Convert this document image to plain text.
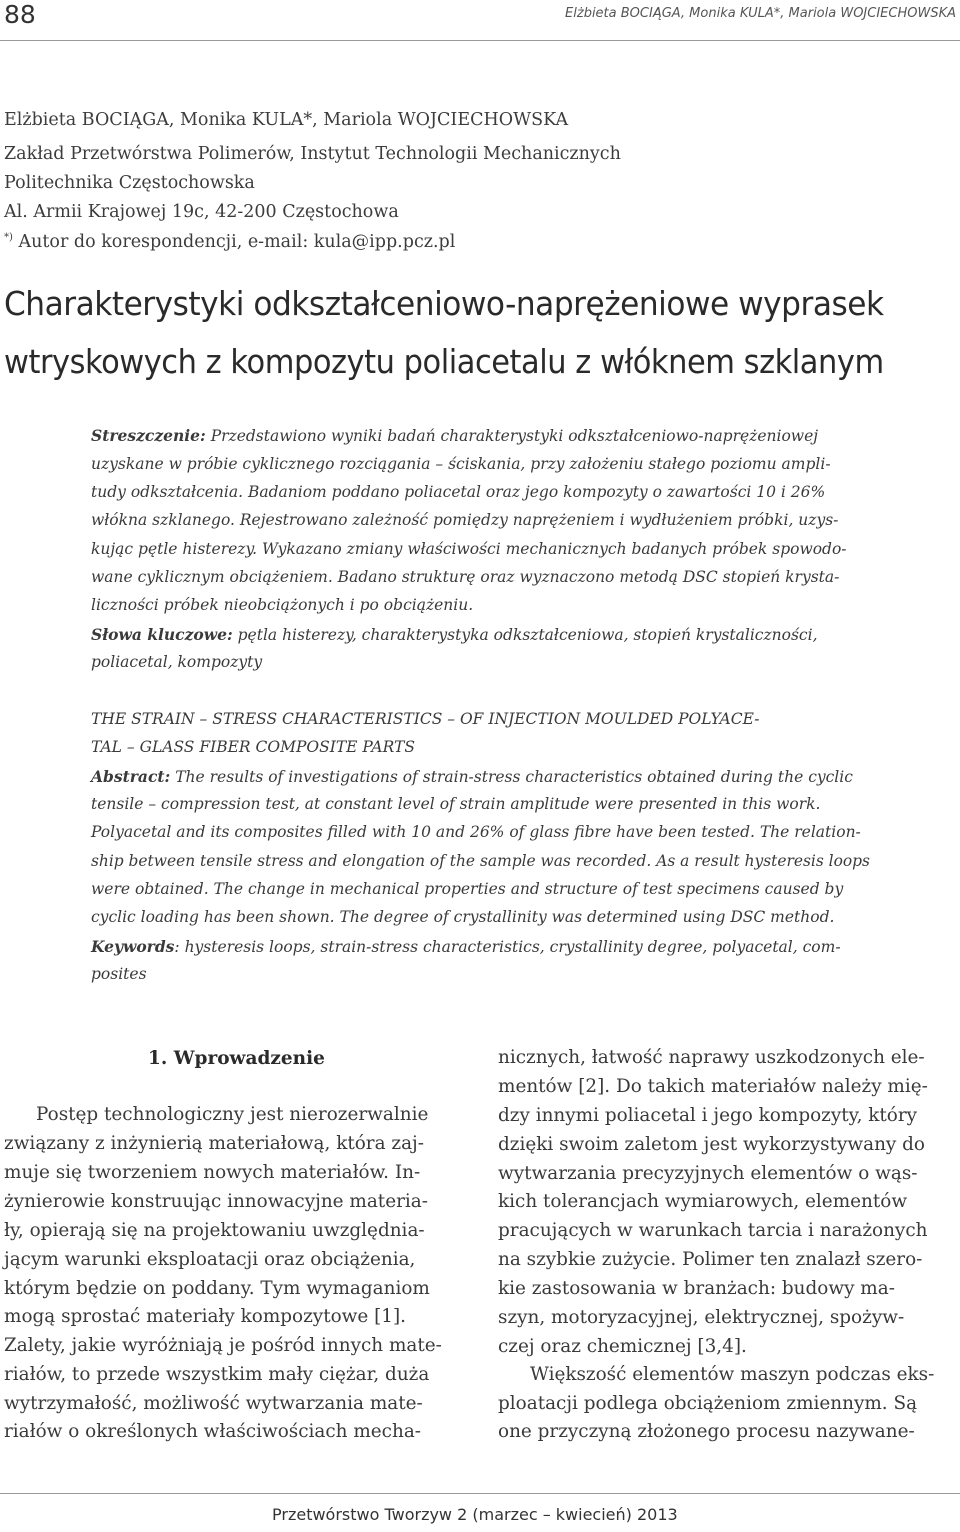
88	Elżbieta BOCIĄGA, Monika KULA*, Mariola WOJCIECHOWSKA
Elżbieta BOCIĄGA, Monika KULA*, Mariola WOJCIECHOWSKA
Zakład Przetwórstwa Polimerów, Instytut Technologii Mechanicznych
Politechnika Częstochowska
Al. Armii Krajowej 19c, 42-200 Częstochowa
*) Autor do korespondencji, e-mail: kula@ipp.pcz.pl
Charakterystyki odkształceniowo-naprężeniowe wyprasek
wtryskowych z kompozytu poliacetalu z włóknem szklanym
Streszczenie: Przedstawiono wyniki badań charakterystyki odkształceniowo-naprężeniowej
uzyskane w próbie cyklicznego rozciągania – ściskania, przy założeniu stałego poziomu ampli-
tudy odkształcenia. Badaniom poddano poliacetal oraz jego kompozyty o zawartości 10 i 26%
włókna szklanego. Rejestrowano zależność pomiędzy naprężeniem i wydłużeniem próbki, uzys-
kując pętle histerezy. Wykazano zmiany właściwości mechanicznych badanych próbek spowodo-
wane cyklicznym obciążeniem. Badano strukturę oraz wyznaczono metodą DSC stopień krysta-
liczności próbek nieobciążonych i po obciążeniu.
Słowa kluczowe: pętla histerezy, charakterystyka odkształceniowa, stopień krystaliczności,
poliacetal, kompozyty
THE STRAIN – STRESS CHARACTERISTICS – OF INJECTION MOULDED POLYACE-
TAL – GLASS FIBER COMPOSITE PARTS
Abstract: The results of investigations of strain-stress characteristics obtained during the cyclic
tensile – compression test, at constant level of strain amplitude were presented in this work.
Polyacetal and its composites filled with 10 and 26% of glass fibre have been tested. The relation-
ship between tensile stress and elongation of the sample was recorded. As a result hysteresis loops
were obtained. The change in mechanical properties and structure of test specimens caused by
cyclic loading has been shown. The degree of crystallinity was determined using DSC method.
Keywords: hysteresis loops, strain-stress characteristics, crystallinity degree, polyacetal, com-
posites
1. Wprowadzenie
Postęp technologiczny jest nierozerwalnie
związany z inżynierią materiałową, która zaj-
muje się tworzeniem nowych materiałów. In-
żynierowie konstruując innowacyjne materia-
ły, opierają się na projektowaniu uwzględnia-
jącym warunki eksploatacji oraz obciążenia,
którym będzie on poddany. Tym wymaganiom
mogą sprostać materiały kompozytowe [1].
Zalety, jakie wyróżniają je pośród innych mate-
riałów, to przede wszystkim mały ciężar, duża
wytrzymałość, możliwość wytwarzania mate-
riałów o określonych właściwościach mecha-
nicznych, łatwość naprawy uszkodzonych ele-
mentów [2]. Do takich materiałów należy mię-
dzy innymi poliacetal i jego kompozyty, który
dzięki swoim zaletom jest wykorzystywany do
wytwarzania precyzyjnych elementów o wąs-
kich tolerancjach wymiarowych, elementów
pracujących w warunkach tarcia i narażonych
na szybkie zużycie. Polimer ten znalazł szero-
kie zastosowania w branżach: budowy ma-
szyn, motoryzacyjnej, elektrycznej, spożyw-
czej oraz chemicznej [3,4].
Większość elementów maszyn podczas eks-
ploatacji podlega obciążeniom zmiennym. Są
one przyczyną złożonego procesu nazywane-
Przetwórstwo Tworzyw 2 (marzec – kwiecień) 2013
